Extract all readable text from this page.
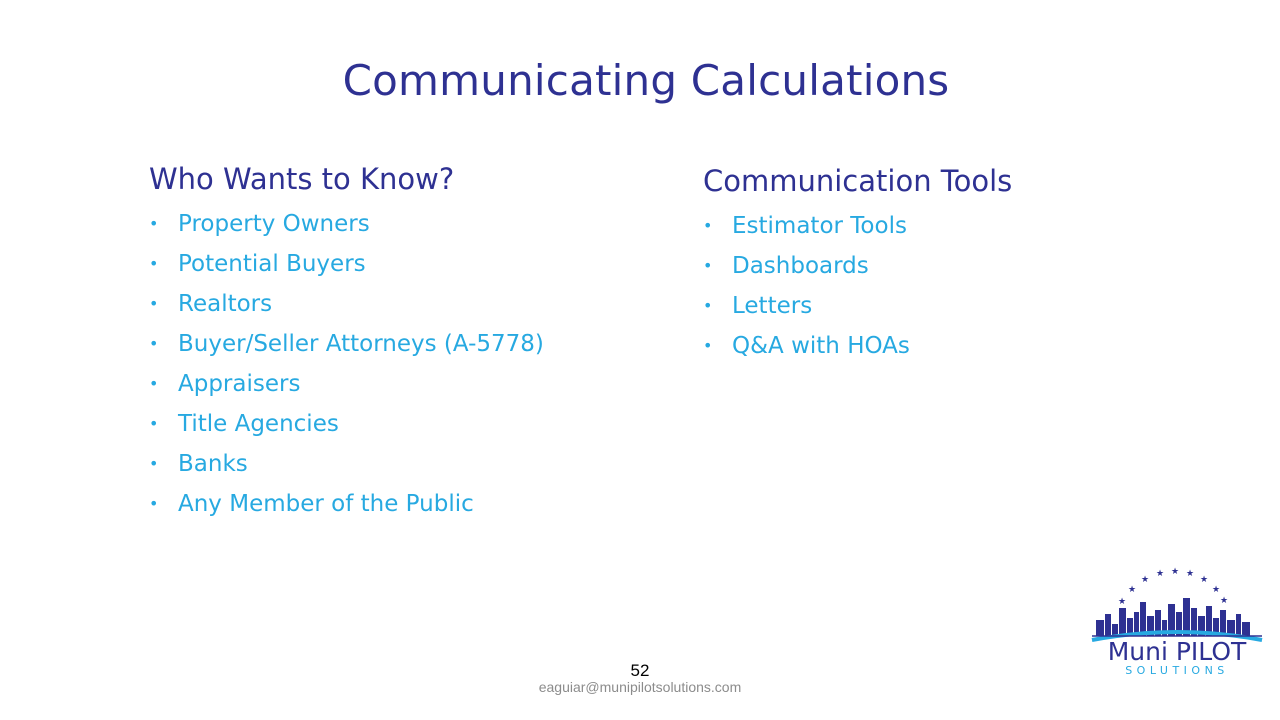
Communicating Calculations
Who Wants to Know?
• Property Owners
• Potential Buyers
• Realtors
• Buyer/Seller Attorneys (A-5778)
• Appraisers
• Title Agencies
• Banks
• Any Member of the Public
Communication Tools
• Estimator Tools
• Dashboards
• Letters
• Q&A with HOAs
52
eaguiar@munipilotsolutions.com
★
★
★
★ ★ ★
★
★
★
Muni PILOT
SOLUTIONS
